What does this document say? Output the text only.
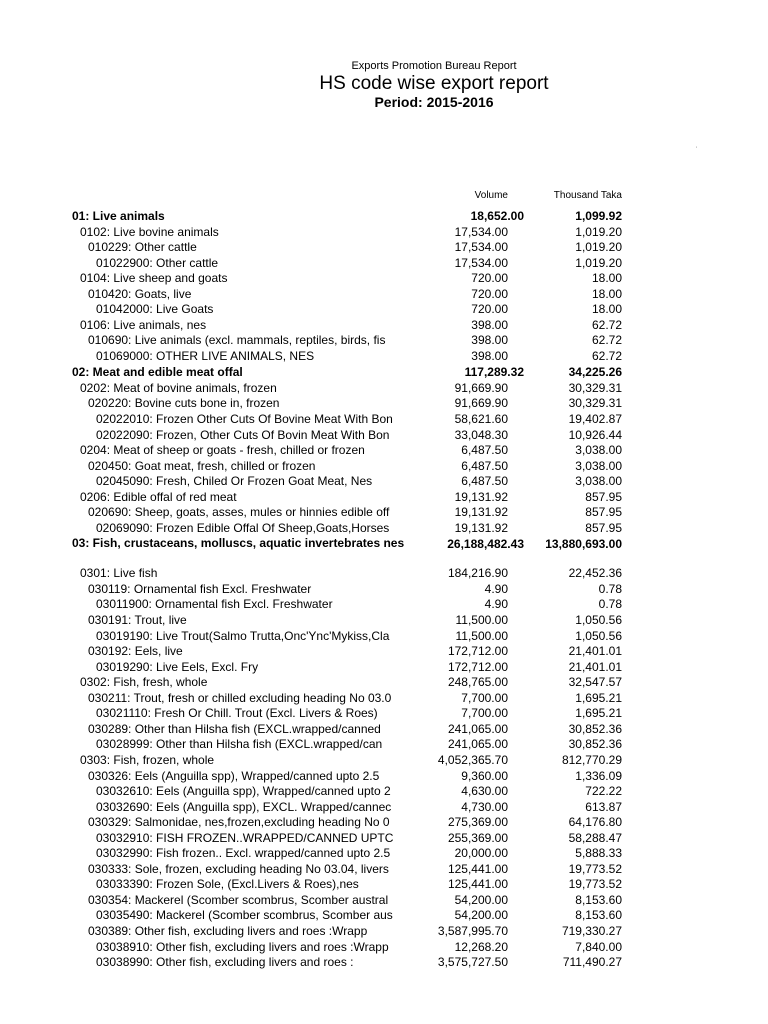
Exports Promotion Bureau Report
HS code wise export report
Period: 2015-2016
'
Volume	Thousand Taka
01: Live animals	18,652.00	1,099.92
0102: Live bovine animals	17,534.00	1,019.20
010229: Other cattle	17,534.00	1,019.20
01022900: Other cattle	17,534.00	1,019.20
0104: Live sheep and goats	720.00	18.00
010420: Goats, live	720.00	18.00
01042000: Live Goats	720.00	18.00
0106: Live animals, nes	398.00	62.72
010690: Live animals (excl. mammals, reptiles, birds, fis	398.00	62.72
01069000: OTHER LIVE ANIMALS, NES	398.00	62.72
02: Meat and edible meat offal	117,289.32	34,225.26
0202: Meat of bovine animals, frozen	91,669.90	30,329.31
020220: Bovine cuts bone in, frozen	91,669.90	30,329.31
02022010: Frozen Other Cuts Of Bovine Meat With Bon	58,621.60	19,402.87
02022090: Frozen, Other Cuts Of Bovin Meat With Bon	33,048.30	10,926.44
0204: Meat of sheep or goats - fresh, chilled or frozen	6,487.50	3,038.00
020450: Goat meat, fresh, chilled or frozen	6,487.50	3,038.00
02045090: Fresh, Chiled Or Frozen Goat Meat, Nes	6,487.50	3,038.00
0206: Edible offal of red meat	19,131.92	857.95
020690: Sheep, goats, asses, mules or hinnies edible off	19,131.92	857.95
02069090: Frozen Edible Offal Of Sheep,Goats,Horses	19,131.92	857.95
03: Fish, crustaceans, molluscs, aquatic invertebrates nes	26,188,482.43 13,880,693.00
0301: Live fish	184,216.90	22,452.36
030119: Ornamental fish Excl. Freshwater	4.90	0.78
03011900: Ornamental fish Excl. Freshwater	4.90	0.78
030191: Trout, live	11,500.00	1,050.56
03019190: Live Trout(Salmo Trutta,Onc'Ync'Mykiss,Cla	11,500.00	1,050.56
030192: Eels, live	172,712.00	21,401.01
03019290: Live Eels, Excl. Fry	172,712.00	21,401.01
0302: Fish, fresh, whole	248,765.00	32,547.57
030211: Trout, fresh or chilled excluding heading No 03.0	7,700.00	1,695.21
03021110: Fresh Or Chill. Trout (Excl. Livers & Roes)	7,700.00	1,695.21
030289: Other than Hilsha fish (EXCL.wrapped/canned	241,065.00	30,852.36
03028999: Other than Hilsha fish (EXCL.wrapped/can	241,065.00	30,852.36
0303: Fish, frozen, whole	4,052,365.70	812,770.29
030326: Eels (Anguilla spp), Wrapped/canned upto 2.5	9,360.00	1,336.09
03032610: Eels (Anguilla spp), Wrapped/canned upto 2	4,630.00	722.22
03032690: Eels (Anguilla spp), EXCL. Wrapped/cannec	4,730.00	613.87
030329: Salmonidae, nes,frozen,excluding heading No 0	275,369.00	64,176.80
03032910: FISH FROZEN..WRAPPED/CANNED UPTC	255,369.00	58,288.47
03032990: Fish frozen.. Excl. wrapped/canned upto 2.5	20,000.00	5,888.33
030333: Sole, frozen, excluding heading No 03.04, livers	125,441.00	19,773.52
03033390: Frozen Sole, (Excl.Livers & Roes),nes	125,441.00	19,773.52
030354: Mackerel (Scomber scombrus, Scomber austral	54,200.00	8,153.60
03035490: Mackerel (Scomber scombrus, Scomber aus	54,200.00	8,153.60
030389: Other fish, excluding livers and roes :Wrapp	3,587,995.70	719,330.27
03038910: Other fish, excluding livers and roes :Wrapp	12,268.20	7,840.00
03038990: Other fish, excluding livers and roes :	3,575,727.50	711,490.27
